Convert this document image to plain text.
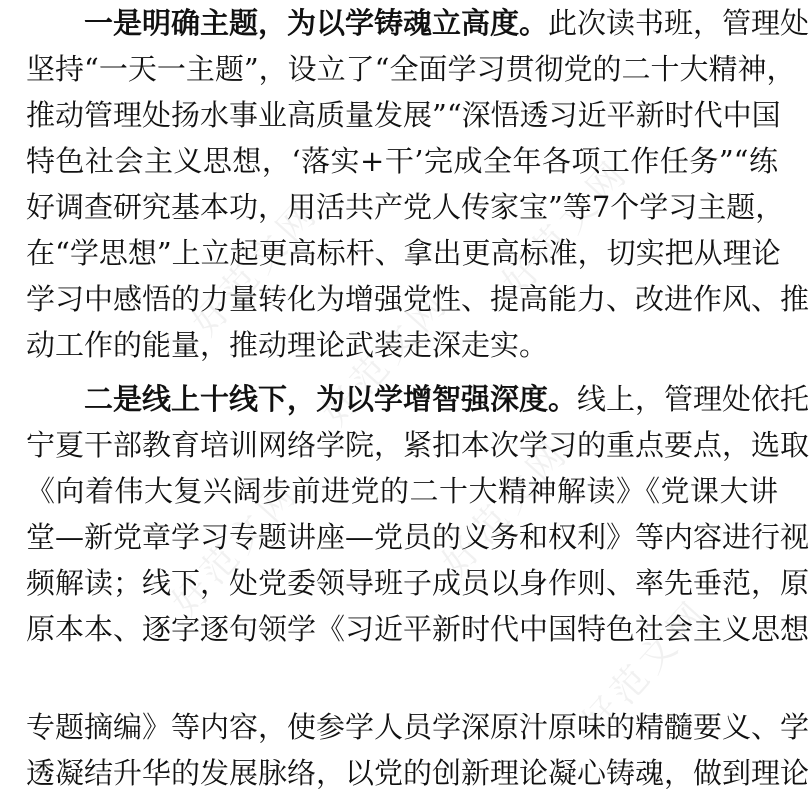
好范文网	好范文网
好范文网
好范文网
好范文网
好范文网
一是明确主题，为以学铸魂立高度。此次读书班，管理处
坚持“一天一主题”，设立了“全面学习贯彻党的二十大精神，
推动管理处扬水事业高质量发展”“深悟透习近平新时代中国
特色社会主义思想，‘落实+干’完成全年各项工作任务”“练
好调查研究基本功，用活共产党人传家宝”等7个学习主题，
在“学思想”上立起更高标杆、拿出更高标准，切实把从理论
学习中感悟的力量转化为增强党性、提高能力、改进作风、推
动工作的能量，推动理论武装走深走实。
二是线上十线下，为以学增智强深度。线上，管理处依托
宁夏干部教育培训网络学院，紧扣本次学习的重点要点，选取
《向着伟大复兴阔步前进党的二十大精神解读》《党课大讲
堂—新党章学习专题讲座—党员的义务和权利》等内容进行视
频解读；线下，处党委领导班子成员以身作则、率先垂范，原
原本本、逐字逐句领学《习近平新时代中国特色社会主义思想
专题摘编》等内容，使参学人员学深原汁原味的精髓要义、学
透凝结升华的发展脉络，以党的创新理论凝心铸魂，做到理论
